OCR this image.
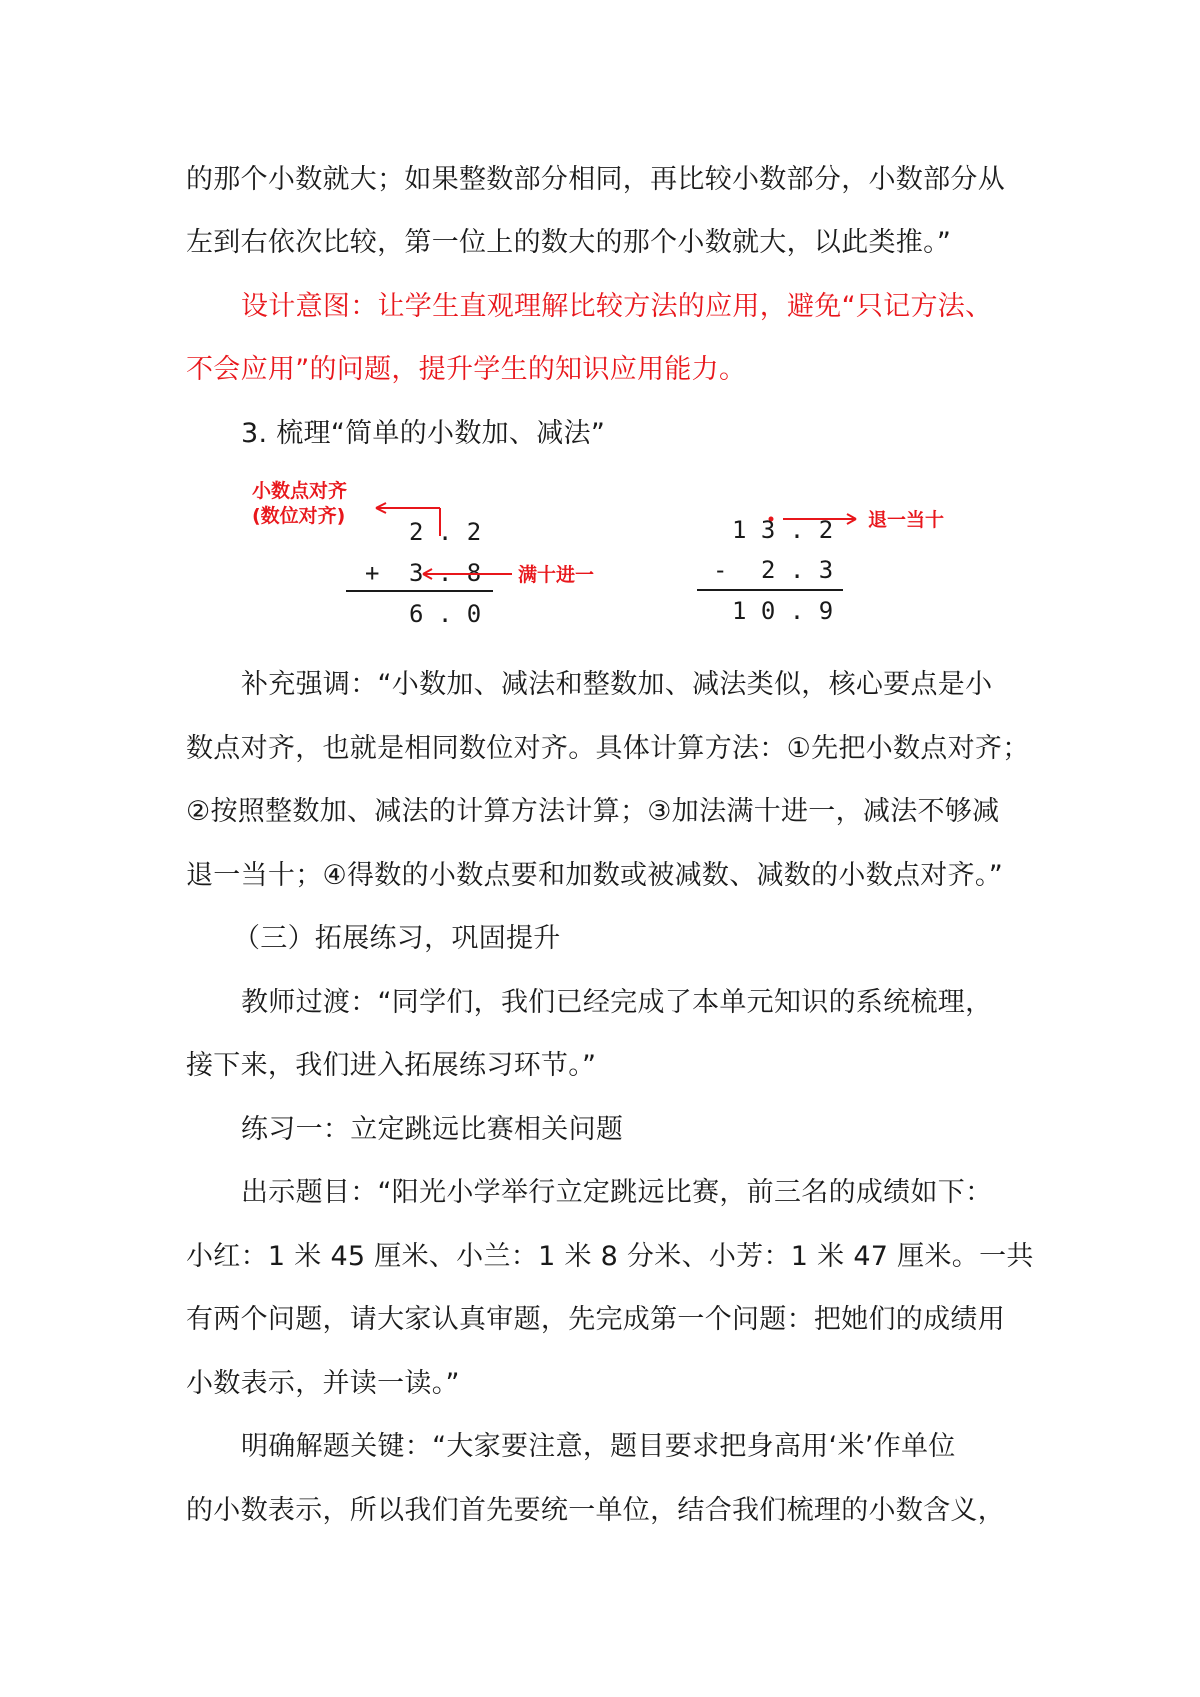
的那个小数就大；如果整数部分相同，再比较小数部分，小数部分从
左到右依次比较，第一位上的数大的那个小数就大，以此类推。”
设计意图：让学生直观理解比较方法的应用，避免“只记方法、
不会应用”的问题，提升学生的知识应用能力。
3. 梳理“简单的小数加、减法”
小数点对齐
(数位对齐)
2 . 2
+ 3 . 8 满十进一
6 . 0
退一当十
1 3 . 2
- 2 . 3
1 0 . 9
补充强调：“小数加、减法和整数加、减法类似，核心要点是小
数点对齐，也就是相同数位对齐。具体计算方法：①先把小数点对齐；
②按照整数加、减法的计算方法计算；③加法满十进一，减法不够减
退一当十；④得数的小数点要和加数或被减数、减数的小数点对齐。”
（三）拓展练习，巩固提升
教师过渡：“同学们，我们已经完成了本单元知识的系统梳理，
接下来，我们进入拓展练习环节。”
练习一：立定跳远比赛相关问题
出示题目：“阳光小学举行立定跳远比赛，前三名的成绩如下：
小红：1 米 45 厘米、小兰：1 米 8 分米、小芳：1 米 47 厘米。一共
有两个问题，请大家认真审题，先完成第一个问题：把她们的成绩用
小数表示，并读一读。”
明确解题关键：“大家要注意，题目要求把身高用‘米’作单位
的小数表示，所以我们首先要统一单位，结合我们梳理的小数含义，
